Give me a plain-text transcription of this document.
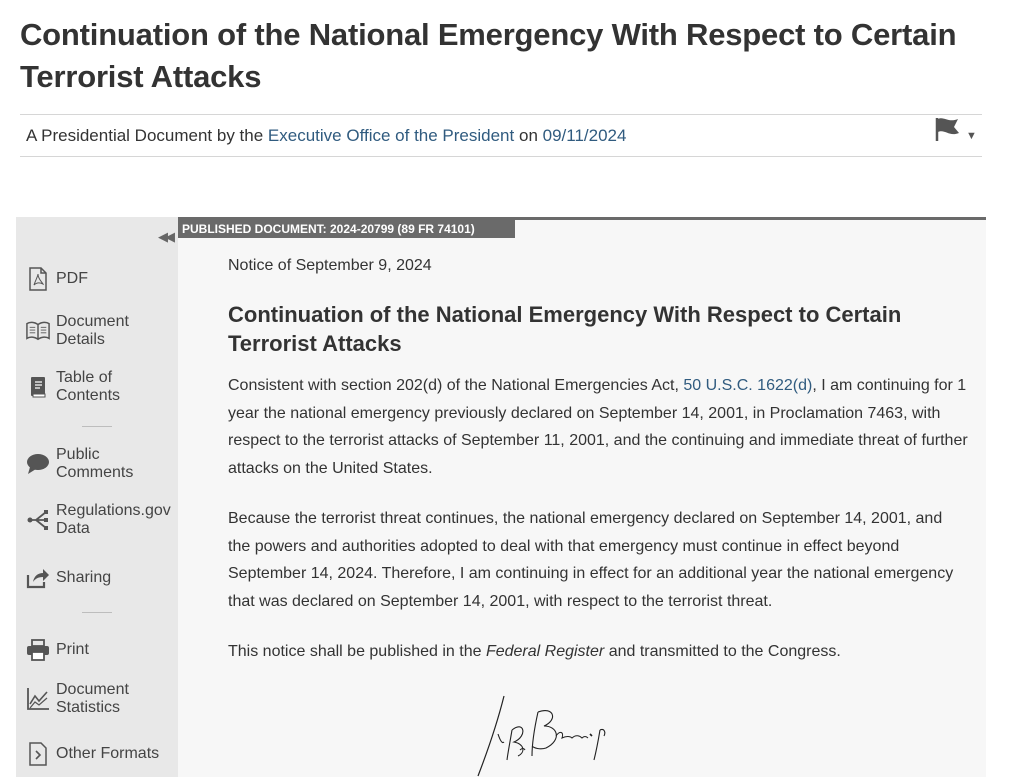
Continuation of the National Emergency With Respect to Certain Terrorist Attacks
A Presidential Document by the Executive Office of the President on 09/11/2024	▼
◀◀
PDF
Document Details
Table of Contents
Public Comments
Regulations.gov Data
Sharing
Print
Document Statistics
Other Formats
PUBLISHED DOCUMENT: 2024-20799 (89 FR 74101)

Notice of September 9, 2024

Continuation of the National Emergency With Respect to Certain Terrorist Attacks

Consistent with section 202(d) of the National Emergencies Act, 50 U.S.C. 1622(d), I am continuing for 1 year the national emergency previously declared on September 14, 2001, in Proclamation 7463, with respect to the terrorist attacks of September 11, 2001, and the continuing and immediate threat of further attacks on the United States.

Because the terrorist threat continues, the national emergency declared on September 14, 2001, and the powers and authorities adopted to deal with that emergency must continue in effect beyond September 14, 2024. Therefore, I am continuing in effect for an additional year the national emergency that was declared on September 14, 2001, with respect to the terrorist threat.

This notice shall be published in the Federal Register and transmitted to the Congress.
